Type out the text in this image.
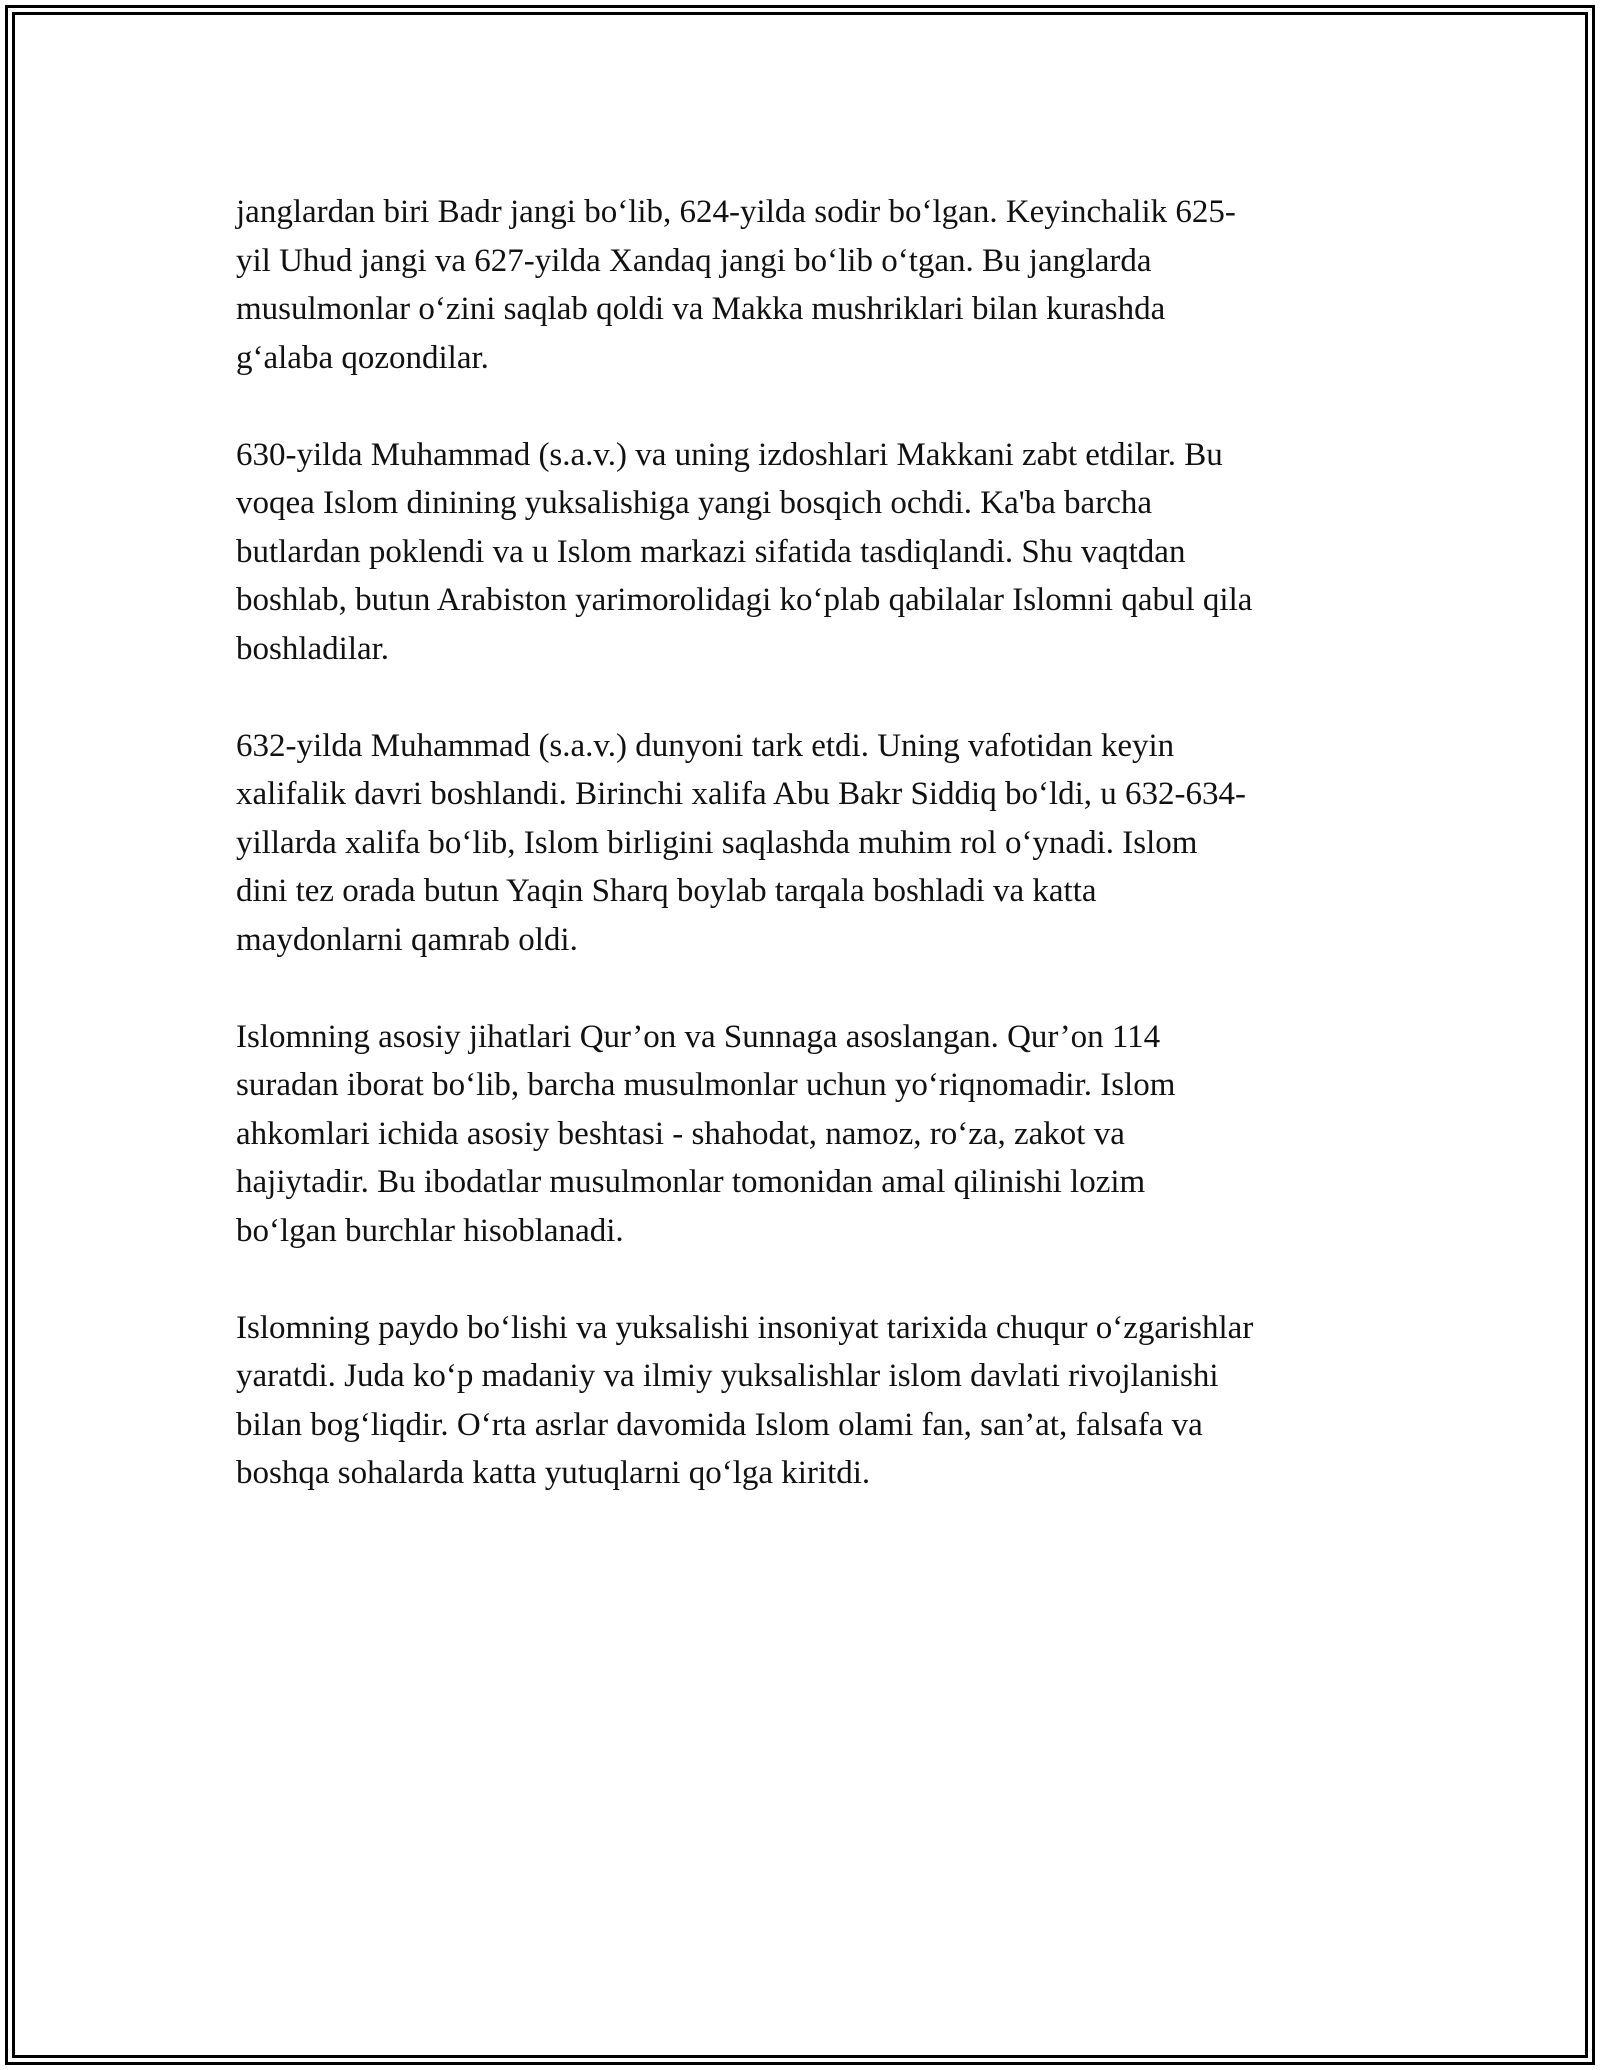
janglardan biri Badr jangi bo‘lib, 624-yilda sodir bo‘lgan. Keyinchalik 625-
yil Uhud jangi va 627-yilda Xandaq jangi bo‘lib o‘tgan. Bu janglarda
musulmonlar o‘zini saqlab qoldi va Makka mushriklari bilan kurashda
g‘alaba qozondilar.

630-yilda Muhammad (s.a.v.) va uning izdoshlari Makkani zabt etdilar. Bu
voqea Islom dinining yuksalishiga yangi bosqich ochdi. Ka'ba barcha
butlardan poklendi va u Islom markazi sifatida tasdiqlandi. Shu vaqtdan
boshlab, butun Arabiston yarimorolidagi ko‘plab qabilalar Islomni qabul qila
boshladilar.

632-yilda Muhammad (s.a.v.) dunyoni tark etdi. Uning vafotidan keyin
xalifalik davri boshlandi. Birinchi xalifa Abu Bakr Siddiq bo‘ldi, u 632-634-
yillarda xalifa bo‘lib, Islom birligini saqlashda muhim rol o‘ynadi. Islom
dini tez orada butun Yaqin Sharq boylab tarqala boshladi va katta
maydonlarni qamrab oldi.

Islomning asosiy jihatlari Qur’on va Sunnaga asoslangan. Qur’on 114
suradan iborat bo‘lib, barcha musulmonlar uchun yo‘riqnomadir. Islom
ahkomlari ichida asosiy beshtasi - shahodat, namoz, ro‘za, zakot va
hajiytadir. Bu ibodatlar musulmonlar tomonidan amal qilinishi lozim
bo‘lgan burchlar hisoblanadi.

Islomning paydo bo‘lishi va yuksalishi insoniyat tarixida chuqur o‘zgarishlar
yaratdi. Juda ko‘p madaniy va ilmiy yuksalishlar islom davlati rivojlanishi
bilan bog‘liqdir. O‘rta asrlar davomida Islom olami fan, san’at, falsafa va
boshqa sohalarda katta yutuqlarni qo‘lga kiritdi.
